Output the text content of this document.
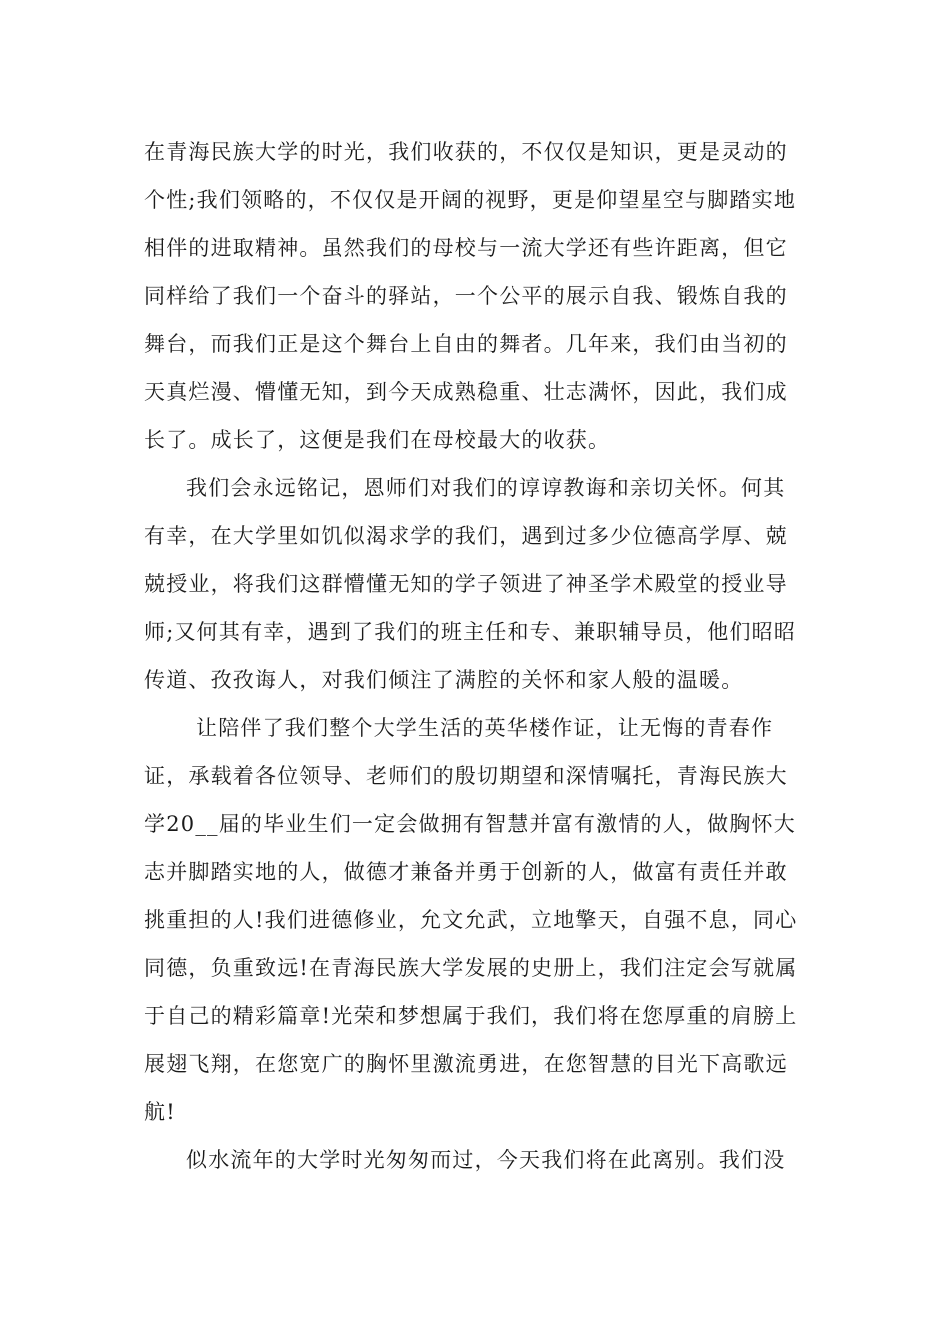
在青海民族大学的时光，我们收获的，不仅仅是知识，更是灵动的
个性;我们领略的，不仅仅是开阔的视野，更是仰望星空与脚踏实地
相伴的进取精神。虽然我们的母校与一流大学还有些许距离，但它
同样给了我们一个奋斗的驿站，一个公平的展示自我、锻炼自我的
舞台，而我们正是这个舞台上自由的舞者。几年来，我们由当初的
天真烂漫、懵懂无知，到今天成熟稳重、壮志满怀，因此，我们成
长了。成长了，这便是我们在母校最大的收获。
我们会永远铭记，恩师们对我们的谆谆教诲和亲切关怀。何其
有幸，在大学里如饥似渴求学的我们，遇到过多少位德高学厚、兢
兢授业，将我们这群懵懂无知的学子领进了神圣学术殿堂的授业导
师;又何其有幸，遇到了我们的班主任和专、兼职辅导员，他们昭昭
传道、孜孜诲人，对我们倾注了满腔的关怀和家人般的温暖。
让陪伴了我们整个大学生活的英华楼作证，让无悔的青春作
证，承载着各位领导、老师们的殷切期望和深情嘱托，青海民族大
学20__届的毕业生们一定会做拥有智慧并富有激情的人，做胸怀大
志并脚踏实地的人，做德才兼备并勇于创新的人，做富有责任并敢
挑重担的人!我们进德修业，允文允武，立地擎天，自强不息，同心
同德，负重致远!在青海民族大学发展的史册上，我们注定会写就属
于自己的精彩篇章!光荣和梦想属于我们，我们将在您厚重的肩膀上
展翅飞翔，在您宽广的胸怀里激流勇进，在您智慧的目光下高歌远
航!
似水流年的大学时光匆匆而过，今天我们将在此离别。我们没
